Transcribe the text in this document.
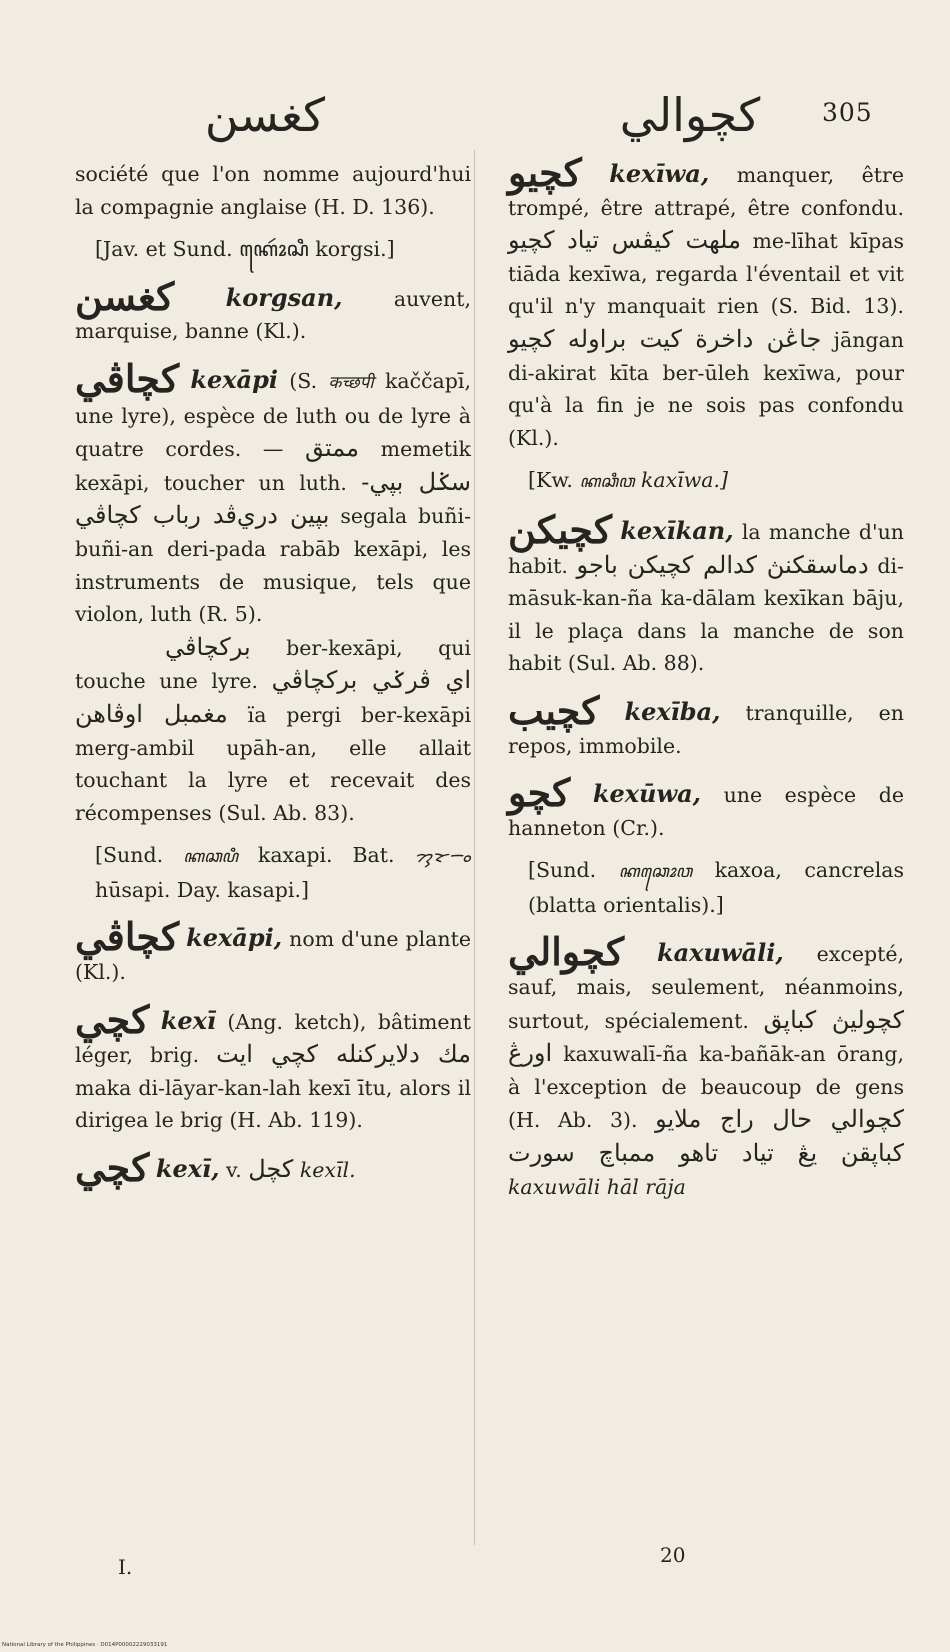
كغسن	كچوالي 305

société que l'on nomme aujourd'hui la compagnie anglaise (H. D. 136).

[Jav. et Sund. ꦏꦺꦴꦂꦱꦶ korgsi.]

كغسن korgsan,	auvent, marquise, banne (Kl.).

كچاڤي kexāpi (S. कच्छपी kaččapī, une lyre), espèce de luth ou de lyre à quatre cordes. — ممتق memetik kexāpi, toucher un luth. سݢل بڽي-بڽين دري‌ڤد رباب كچاڤي segala buñi-buñi-an deri-pada rabāb kexāpi, les instruments de musique, tels que violon, luth (R. 5).

بركچاڤي ber-kexāpi, qui touche une lyre. اي ڤرݢي بركچاڤي مغمبل اوڤاهن ïa pergi ber-kexāpi merg-ambil upāh-an, elle allait touchant la lyre et recevait des récompenses (Sul. Ab. 83).

[Sund. ꦏꦕꦥꦶ kaxapi. Bat. ᯂᯮᯘᯇᯪ hūsapi. Day. kasapi.]

كچاڤي kexāpi, nom d'une plante (Kl.).

كچي kexī (Ang. ketch), bâtiment léger, brig. مك دلايركنله كچي ايت maka di-lāyar-kan-lah kexī ītu, alors il dirigea le brig (H. Ab. 119).

كچي kexī, v. كچل kexīl.

كچيو kexīwa, manquer, être trompé, être attrapé, être confondu. ملهت كيڤس تياد كچيو me-līhat kīpas tiāda kexīwa, regarda l'éventail et vit qu'il n'y manquait rien (S. Bid. 13). جاڠن داخرة كيت براوله كچيو jāngan di-akirat kīta ber-ūleh kexīwa, pour qu'à la fin je ne sois pas confondu (Kl.).

[Kw. ꦏꦕꦶꦮ kaxīwa.]

كچيكن kexīkan, la manche d'un habit. دماسقكنڽ كدالم كچيكن باجو di-māsuk-kan-ña ka-dālam kexīkan bāju, il le plaça dans la manche de son habit (Sul. Ab. 88).

كچيب kexība, tranquille, en repos, immobile.

كچو kexūwa, une espèce de hanneton (Cr.).

[Sund. ꦏꦕꦺꦴꦮ kaxoa, cancrelas (blatta orientalis).]

كچوالي kaxuwāli, excepté, sauf, mais, seulement, néanmoins, surtout, spécialement. كچوليڽ كباڽق اورڠ kaxuwalī-ña ka-bañāk-an ōrang, à l'exception de beaucoup de gens (H. Ab. 3). كچوالي حال راج ملايو كباڽقن يڠ تياد تاهو ممباچ سورت kaxuwāli hāl rāja

I.	20
National Library of the Philippines · D014P00002229033191
